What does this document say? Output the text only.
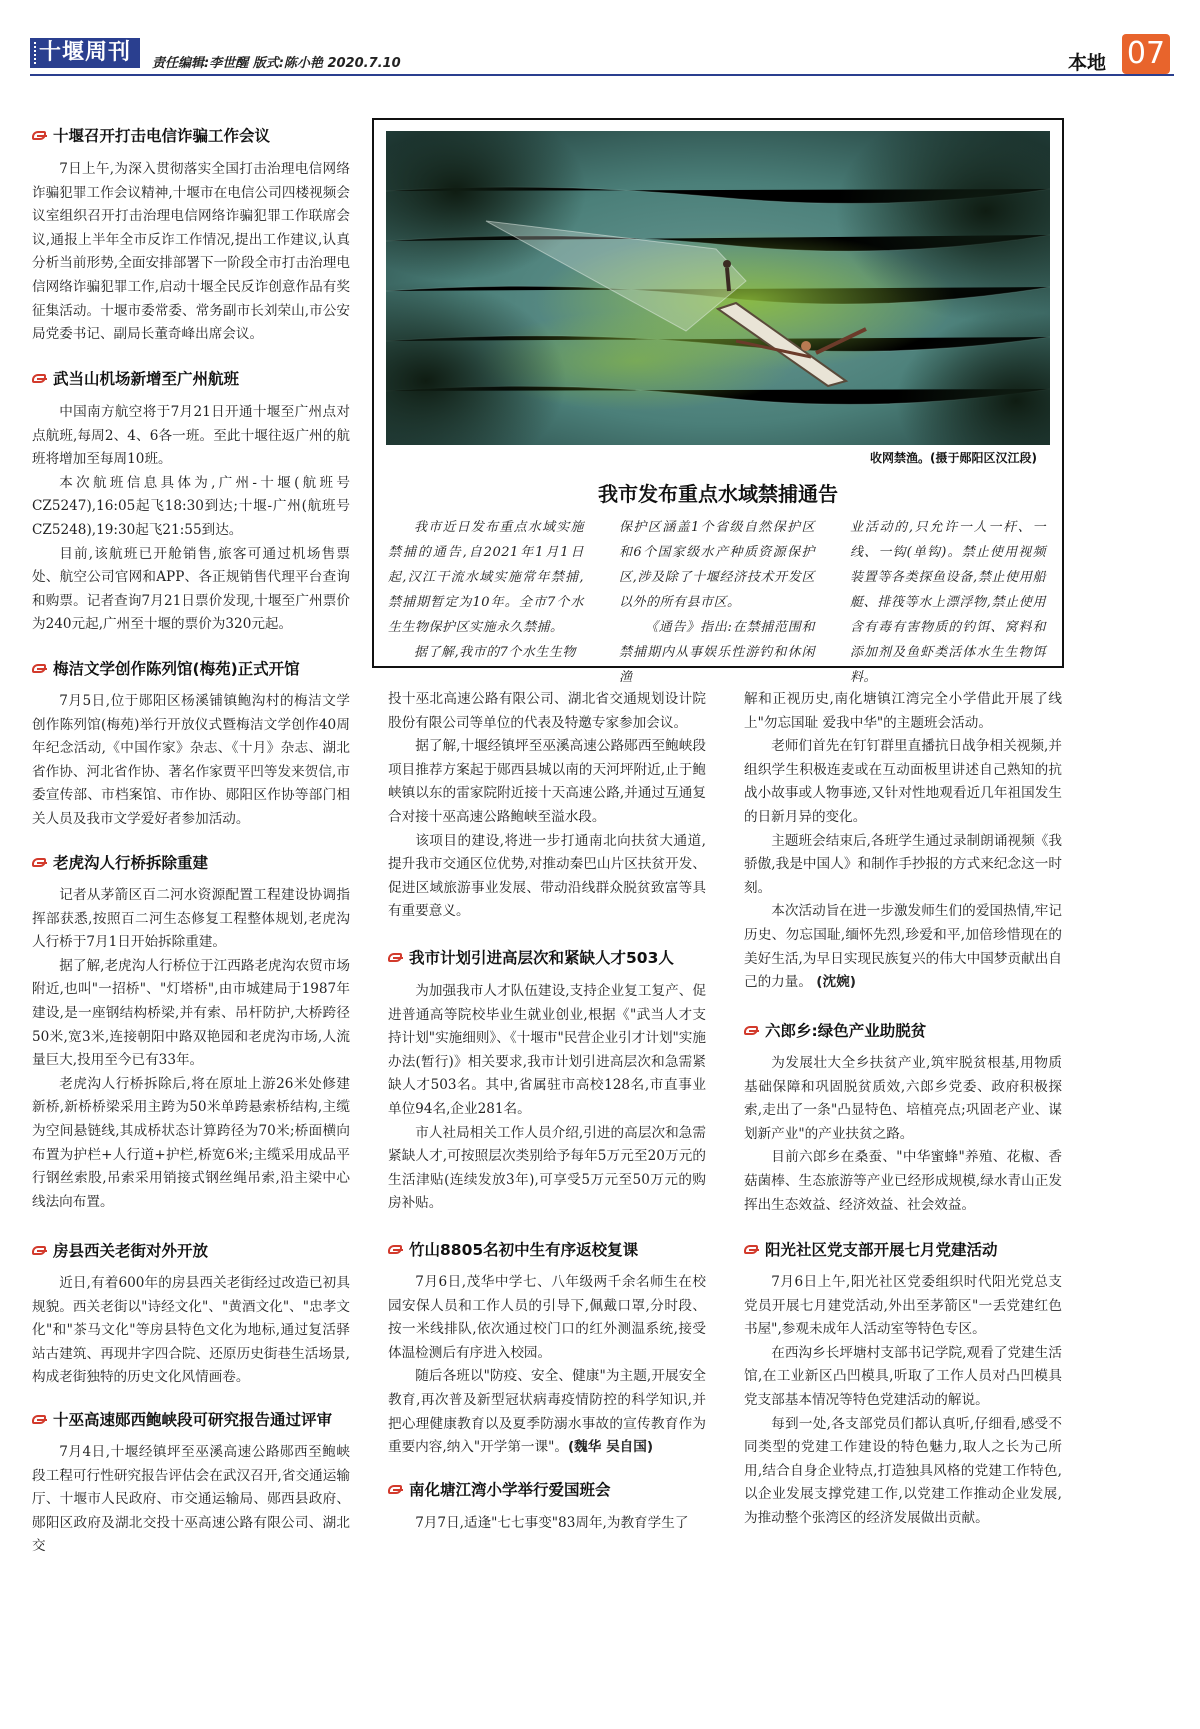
十堰周刊	责任编辑:李世醒 版式:陈小艳 2020.7.10	本地 07
十堰召开打击电信诈骗工作会议

7日上午,为深入贯彻落实全国打击治理电信网络诈骗犯罪工作会议精神,十堰市在电信公司四楼视频会议室组织召开打击治理电信网络诈骗犯罪工作联席会议,通报上半年全市反诈工作情况,提出工作建议,认真分析当前形势,全面安排部署下一阶段全市打击治理电信网络诈骗犯罪工作,启动十堰全民反诈创意作品有奖征集活动。十堰市委常委、常务副市长刘荣山,市公安局党委书记、副局长董奇峰出席会议。

武当山机场新增至广州航班

中国南方航空将于7月21日开通十堰至广州点对点航班,每周2、4、6各一班。至此十堰往返广州的航班将增加至每周10班。

本次航班信息具体为,广州-十堰(航班号CZ5247),16:05起飞18:30到达;十堰-广州(航班号CZ5248),19:30起飞21:55到达。

目前,该航班已开舱销售,旅客可通过机场售票处、航空公司官网和APP、各正规销售代理平台查询和购票。记者查询7月21日票价发现,十堰至广州票价为240元起,广州至十堰的票价为320元起。

梅洁文学创作陈列馆(梅苑)正式开馆

7月5日,位于郧阳区杨溪铺镇鲍沟村的梅洁文学创作陈列馆(梅苑)举行开放仪式暨梅洁文学创作40周年纪念活动,《中国作家》杂志、《十月》杂志、湖北省作协、河北省作协、著名作家贾平凹等发来贺信,市委宣传部、市档案馆、市作协、郧阳区作协等部门相关人员及我市文学爱好者参加活动。

老虎沟人行桥拆除重建

记者从茅箭区百二河水资源配置工程建设协调指挥部获悉,按照百二河生态修复工程整体规划,老虎沟人行桥于7月1日开始拆除重建。

据了解,老虎沟人行桥位于江西路老虎沟农贸市场附近,也叫"一招桥"、"灯塔桥",由市城建局于1987年建设,是一座钢结构桥梁,并有索、吊杆防护,大桥跨径50米,宽3米,连接朝阳中路双艳园和老虎沟市场,人流量巨大,投用至今已有33年。

老虎沟人行桥拆除后,将在原址上游26米处修建新桥,新桥桥梁采用主跨为50米单跨悬索桥结构,主缆为空间悬链线,其成桥状态计算跨径为70米;桥面横向布置为护栏+人行道+护栏,桥宽6米;主缆采用成品平行钢丝索股,吊索采用销接式钢丝绳吊索,沿主梁中心线法向布置。

房县西关老街对外开放

近日,有着600年的房县西关老街经过改造已初具规貌。西关老街以"诗经文化"、"黄酒文化"、"忠孝文化"和"茶马文化"等房县特色文化为地标,通过复活驿站古建筑、再现井字四合院、还原历史街巷生活场景,构成老街独特的历史文化风情画卷。

十巫高速郧西鲍峡段可研究报告通过评审

7月4日,十堰经镇坪至巫溪高速公路郧西至鲍峡段工程可行性研究报告评估会在武汉召开,省交通运输厅、十堰市人民政府、市交通运输局、郧西县政府、郧阳区政府及湖北交投十巫高速公路有限公司、湖北交

收网禁渔。(摄于郧阳区汉江段)
我市发布重点水域禁捕通告

我市近日发布重点水域实施禁捕的通告,自2021年1月1日起,汉江干流水域实施常年禁捕,禁捕期暂定为10年。全市7个水生生物保护区实施永久禁捕。

据了解,我市的7个水生生物

保护区涵盖1个省级自然保护区和6个国家级水产种质资源保护区,涉及除了十堰经济技术开发区以外的所有县市区。

《通告》指出:在禁捕范围和禁捕期内从事娱乐性游钓和休闲渔

业活动的,只允许一人一杆、一线、一钩(单钩)。禁止使用视频装置等各类探鱼设备,禁止使用船艇、排筏等水上漂浮物,禁止使用含有毒有害物质的钓饵、窝料和添加剂及鱼虾类活体水生生物饵料。

投十巫北高速公路有限公司、湖北省交通规划设计院股份有限公司等单位的代表及特邀专家参加会议。

据了解,十堰经镇坪至巫溪高速公路郧西至鲍峡段项目推荐方案起于郧西县城以南的天河坪附近,止于鲍峡镇以东的雷家院附近接十天高速公路,并通过互通复合对接十巫高速公路鲍峡至溢水段。

该项目的建设,将进一步打通南北向扶贫大通道,提升我市交通区位优势,对推动秦巴山片区扶贫开发、促进区域旅游事业发展、带动沿线群众脱贫致富等具有重要意义。

我市计划引进高层次和紧缺人才503人

为加强我市人才队伍建设,支持企业复工复产、促进普通高等院校毕业生就业创业,根据《"武当人才支持计划"实施细则》、《十堰市"民营企业引才计划"实施办法(暂行)》相关要求,我市计划引进高层次和急需紧缺人才503名。其中,省属驻市高校128名,市直事业单位94名,企业281名。

市人社局相关工作人员介绍,引进的高层次和急需紧缺人才,可按照层次类别给予每年5万元至20万元的生活津贴(连续发放3年),可享受5万元至50万元的购房补贴。

竹山8805名初中生有序返校复课

7月6日,茂华中学七、八年级两千余名师生在校园安保人员和工作人员的引导下,佩戴口罩,分时段、按一米线排队,依次通过校门口的红外测温系统,接受体温检测后有序进入校园。

随后各班以"防疫、安全、健康"为主题,开展安全教育,再次普及新型冠状病毒疫情防控的科学知识,并把心理健康教育以及夏季防溺水事故的宣传教育作为重要内容,纳入"开学第一课"。(魏华 吴自国)

南化塘江湾小学举行爱国班会

7月7日,适逢"七七事变"83周年,为教育学生了

解和正视历史,南化塘镇江湾完全小学借此开展了线上"勿忘国耻 爱我中华"的主题班会活动。

老师们首先在钉钉群里直播抗日战争相关视频,并组织学生积极连麦或在互动面板里讲述自己熟知的抗战小故事或人物事迹,又针对性地观看近几年祖国发生的日新月异的变化。

主题班会结束后,各班学生通过录制朗诵视频《我骄傲,我是中国人》和制作手抄报的方式来纪念这一时刻。

本次活动旨在进一步激发师生们的爱国热情,牢记历史、勿忘国耻,缅怀先烈,珍爱和平,加倍珍惜现在的美好生活,为早日实现民族复兴的伟大中国梦贡献出自己的力量。 (沈婉)

六郎乡:绿色产业助脱贫

为发展壮大全乡扶贫产业,筑牢脱贫根基,用物质基础保障和巩固脱贫质效,六郎乡党委、政府积极探索,走出了一条"凸显特色、培植亮点;巩固老产业、谋划新产业"的产业扶贫之路。

目前六郎乡在桑蚕、"中华蜜蜂"养殖、花椒、香菇菌棒、生态旅游等产业已经形成规模,绿水青山正发挥出生态效益、经济效益、社会效益。

阳光社区党支部开展七月党建活动

7月6日上午,阳光社区党委组织时代阳光党总支党员开展七月建党活动,外出至茅箭区"一丢党建红色书屋",参观未成年人活动室等特色专区。

在西沟乡长坪塘村支部书记学院,观看了党建生活馆,在工业新区凸凹模具,听取了工作人员对凸凹模具党支部基本情况等特色党建活动的解说。

每到一处,各支部党员们都认真听,仔细看,感受不同类型的党建工作建设的特色魅力,取人之长为己所用,结合自身企业特点,打造独具风格的党建工作特色,以企业发展支撑党建工作,以党建工作推动企业发展,为推动整个张湾区的经济发展做出贡献。
